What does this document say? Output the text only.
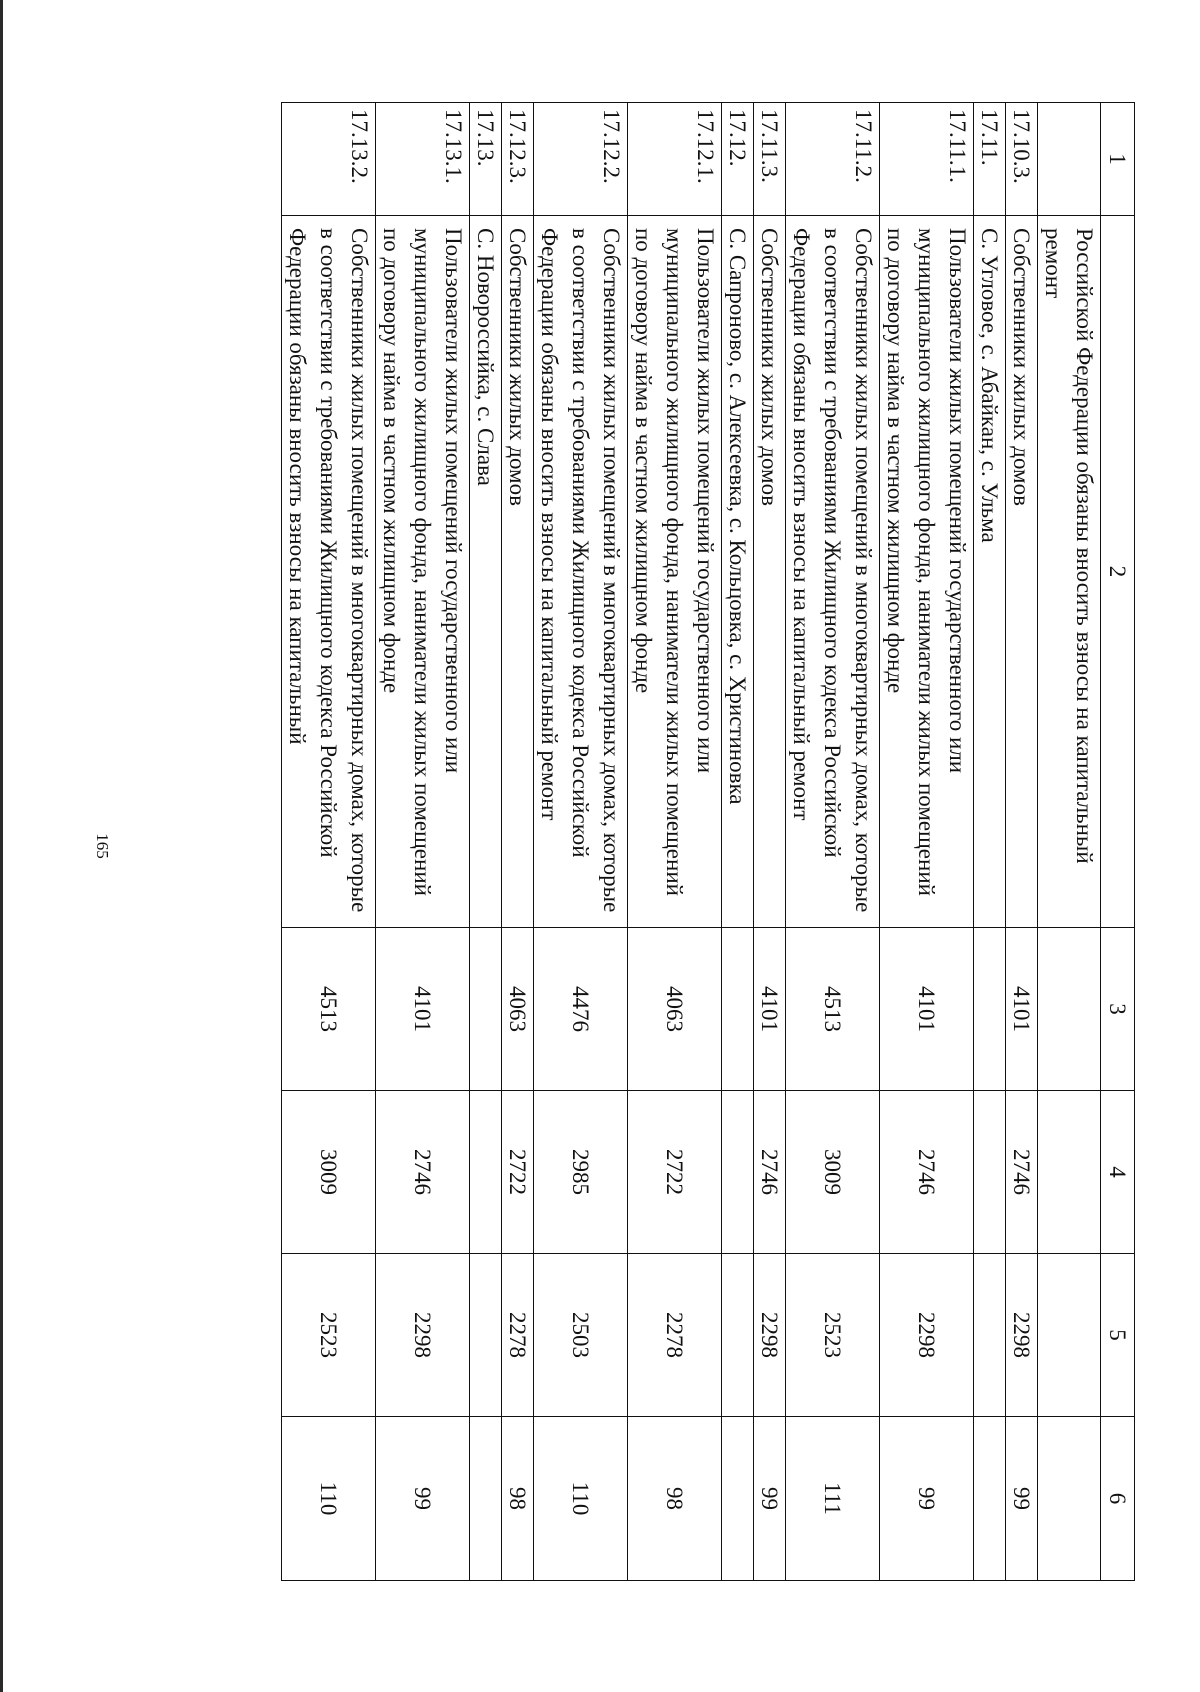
165
1	2	3	4	5	6
	Российской Федерации обязаны вносить взносы на капитальный ремонт				
17.10.3.	Собственники жилых домов	4101	2746	2298	99
17.11.	С. Угловое, с. Абайкан, с. Ульма				
17.11.1.	Пользователи жилых помещений государственного или муниципального жилищного фонда, наниматели жилых помещений по договору найма в частном жилищном фонде	4101	2746	2298	99
17.11.2.	Собственники жилых помещений в многоквартирных домах, которые в соответствии с требованиями Жилищного кодекса Российской Федерации обязаны вносить взносы на капитальный ремонт	4513	3009	2523	111
17.11.3.	Собственники жилых домов	4101	2746	2298	99
17.12.	С. Сапроново, с. Алексеевка, с. Кольцовка, с. Христиновка				
17.12.1.	Пользователи жилых помещений государственного или муниципального жилищного фонда, наниматели жилых помещений по договору найма в частном жилищном фонде	4063	2722	2278	98
17.12.2.	Собственники жилых помещений в многоквартирных домах, которые в соответствии с требованиями Жилищного кодекса Российской Федерации обязаны вносить взносы на капитальный ремонт	4476	2985	2503	110
17.12.3.	Собственники жилых домов	4063	2722	2278	98
17.13.	С. Новороссийка, с. Слава				
17.13.1.	Пользователи жилых помещений государственного или муниципального жилищного фонда, наниматели жилых помещений по договору найма в частном жилищном фонде	4101	2746	2298	99
17.13.2.	Собственники жилых помещений в многоквартирных домах, которые в соответствии с требованиями Жилищного кодекса Российской Федерации обязаны вносить взносы на капитальный	4513	3009	2523	110
